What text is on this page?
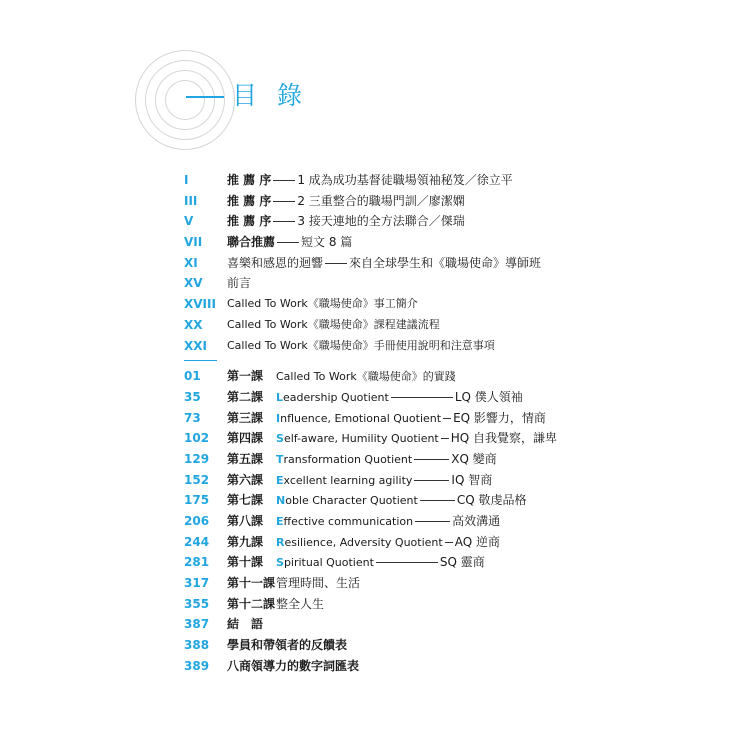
目 錄
I	推 薦 序 1 成為成功基督徒職場領袖秘笈／徐立平
III	推 薦 序 2 三重整合的職場門訓／廖潔嫻
V	推 薦 序 3 接天連地的全方法聯合／傑瑞
VII	聯合推薦 短文 8 篇
XI	喜樂和感恩的迴響 來自全球學生和《職場使命》導師班
XV	前言
XVIII	Called To Work《職場使命》事工簡介
XX	Called To Work《職場使命》課程建議流程
XXI	Called To Work《職場使命》手冊使用說明和注意事項
01	第一課 Called To Work《職場使命》的實踐
35	第二課 Leadership Quotient	LQ 僕人領袖
73	第三課 Influence, Emotional Quotient EQ 影響力，情商
102	第四課 Self-aware, Humility Quotient HQ 自我覺察，謙卑
129	第五課 Transformation Quotient	XQ 變商
152	第六課 Excellent learning agility	IQ 智商
175	第七課 Noble Character Quotient	CQ 敬虔品格
206	第八課 Effective communication	高效溝通
244	第九課 Resilience, Adversity Quotient AQ 逆商
281	第十課 Spiritual Quotient	SQ 靈商
317	第十一課管理時間、生活
355	第十二課整全人生
387	結　語
388	學員和帶領者的反饋表
389	八商領導力的數字詞匯表
